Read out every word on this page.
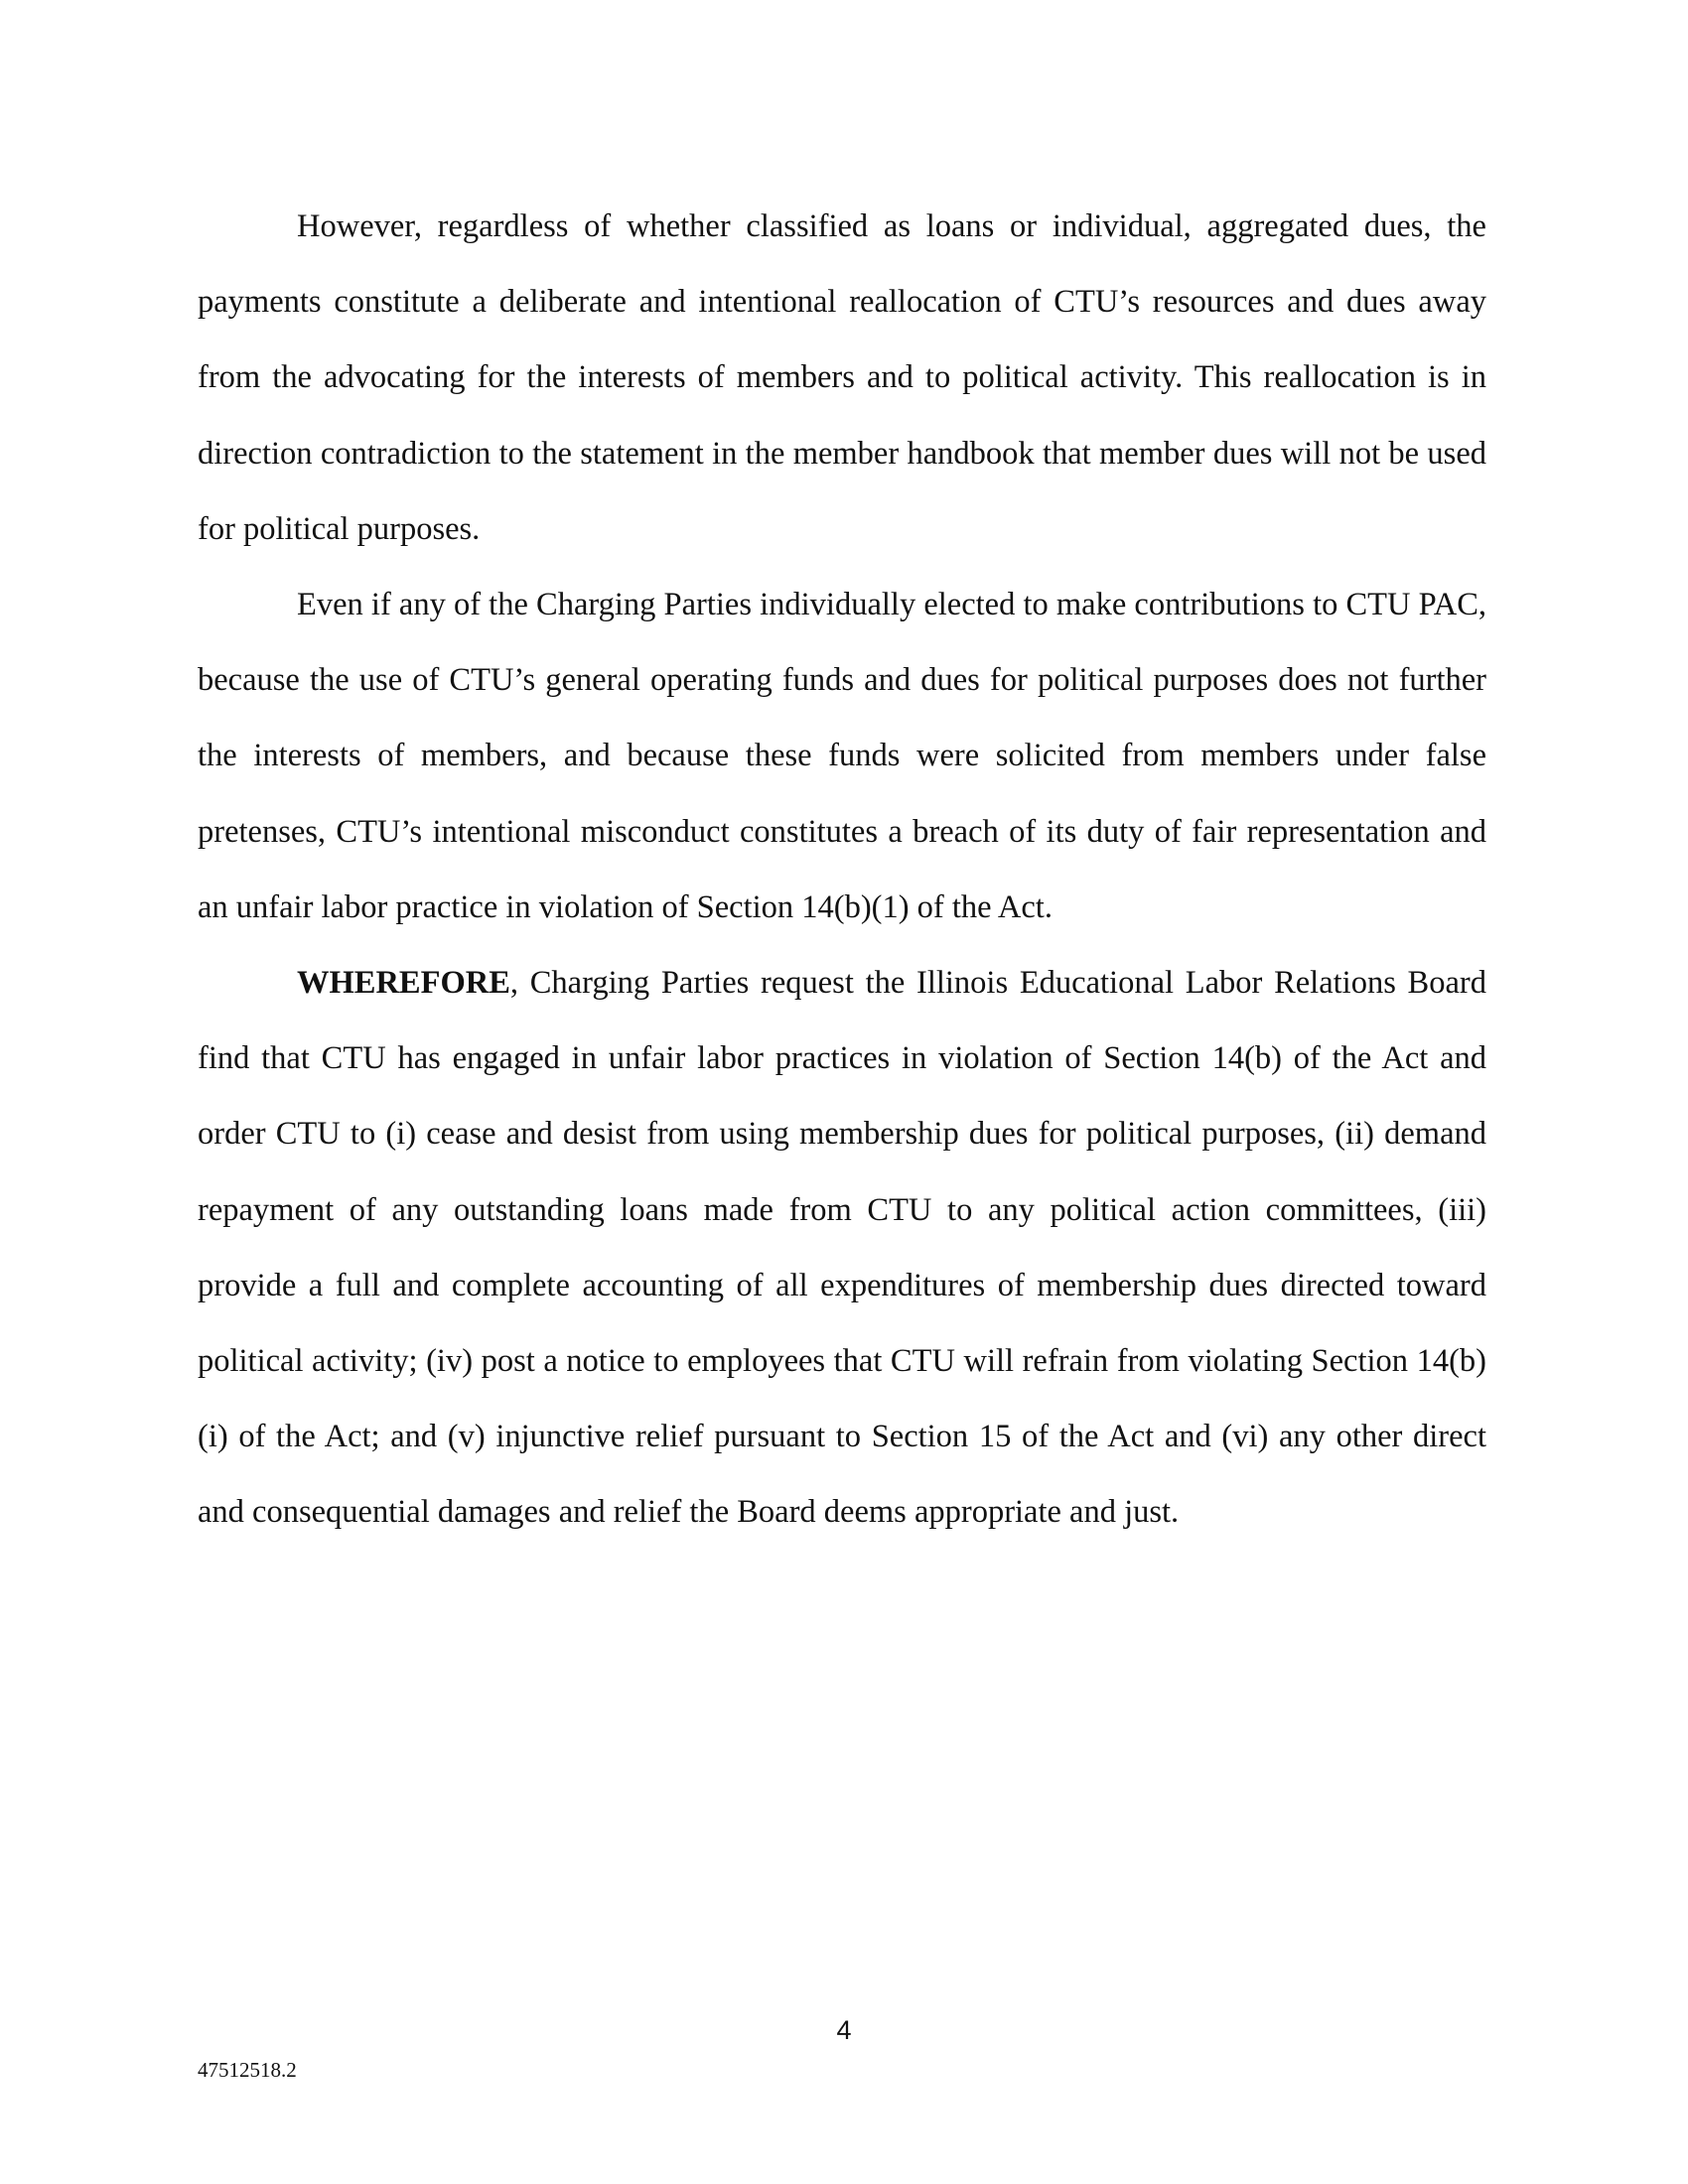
However, regardless of whether classified as loans or individual, aggregated dues, the payments constitute a deliberate and intentional reallocation of CTU’s resources and dues away from the advocating for the interests of members and to political activity. This reallocation is in direction contradiction to the statement in the member handbook that member dues will not be used for political purposes.

Even if any of the Charging Parties individually elected to make contributions to CTU PAC, because the use of CTU’s general operating funds and dues for political purposes does not further the interests of members, and because these funds were solicited from members under false pretenses, CTU’s intentional misconduct constitutes a breach of its duty of fair representation and an unfair labor practice in violation of Section 14(b)(1) of the Act.

WHEREFORE, Charging Parties request the Illinois Educational Labor Relations Board find that CTU has engaged in unfair labor practices in violation of Section 14(b) of the Act and order CTU to (i) cease and desist from using membership dues for political purposes, (ii) demand repayment of any outstanding loans made from CTU to any political action committees, (iii) provide a full and complete accounting of all expenditures of membership dues directed toward political activity; (iv) post a notice to employees that CTU will refrain from violating Section 14(b)(i) of the Act; and (v) injunctive relief pursuant to Section 15 of the Act and (vi) any other direct and consequential damages and relief the Board deems appropriate and just.

4
47512518.2
